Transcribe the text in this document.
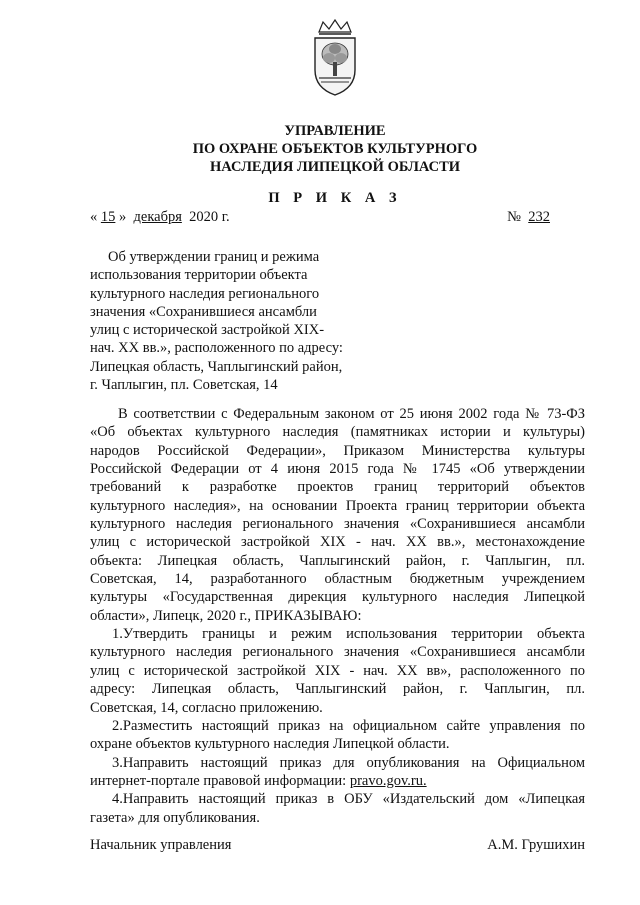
УПРАВЛЕНИЕ
ПО ОХРАНЕ ОБЪЕКТОВ КУЛЬТУРНОГО
НАСЛЕДИЯ ЛИПЕЦКОЙ ОБЛАСТИ
П Р И К А З
« 15 » декабря 2020 г.	№ 232
Об утверждении границ и режима
использования территории объекта
культурного наследия регионального
значения «Сохранившиеся ансамбли
улиц с исторической застройкой XIX-
нач. XX вв.», расположенного по адресу:
Липецкая область, Чаплыгинский район,
г. Чаплыгин, пл. Советская, 14
В соответствии с Федеральным законом от 25 июня 2002 года № 73-ФЗ
«Об объектах культурного наследия (памятниках истории и культуры)
народов Российской Федерации», Приказом Министерства культуры
Российской Федерации от 4 июня 2015 года № 1745 «Об утверждении
требований к разработке проектов границ территорий объектов
культурного наследия», на основании Проекта границ территории объекта
культурного наследия регионального значения «Сохранившиеся ансамбли
улиц с исторической застройкой XIX - нач. XX вв.», местонахождение
объекта: Липецкая область, Чаплыгинский район, г. Чаплыгин, пл.
Советская, 14, разработанного областным бюджетным учреждением
культуры «Государственная дирекция культурного наследия Липецкой
области», Липецк, 2020 г., ПРИКАЗЫВАЮ:
1.Утвердить границы и режим использования территории объекта
культурного наследия регионального значения «Сохранившиеся ансамбли
улиц с исторической застройкой XIX - нач. XX вв», расположенного по
адресу: Липецкая область, Чаплыгинский район, г. Чаплыгин, пл.
Советская, 14, согласно приложению.
2.Разместить настоящий приказ на официальном сайте управления по
охране объектов культурного наследия Липецкой области.
3.Направить настоящий приказ для опубликования на Официальном
интернет-портале правовой информации: pravo.gov.ru.
4.Направить настоящий приказ в ОБУ «Издательский дом «Липецкая
газета» для опубликования.
Начальник управления	А.М. Грушихин
